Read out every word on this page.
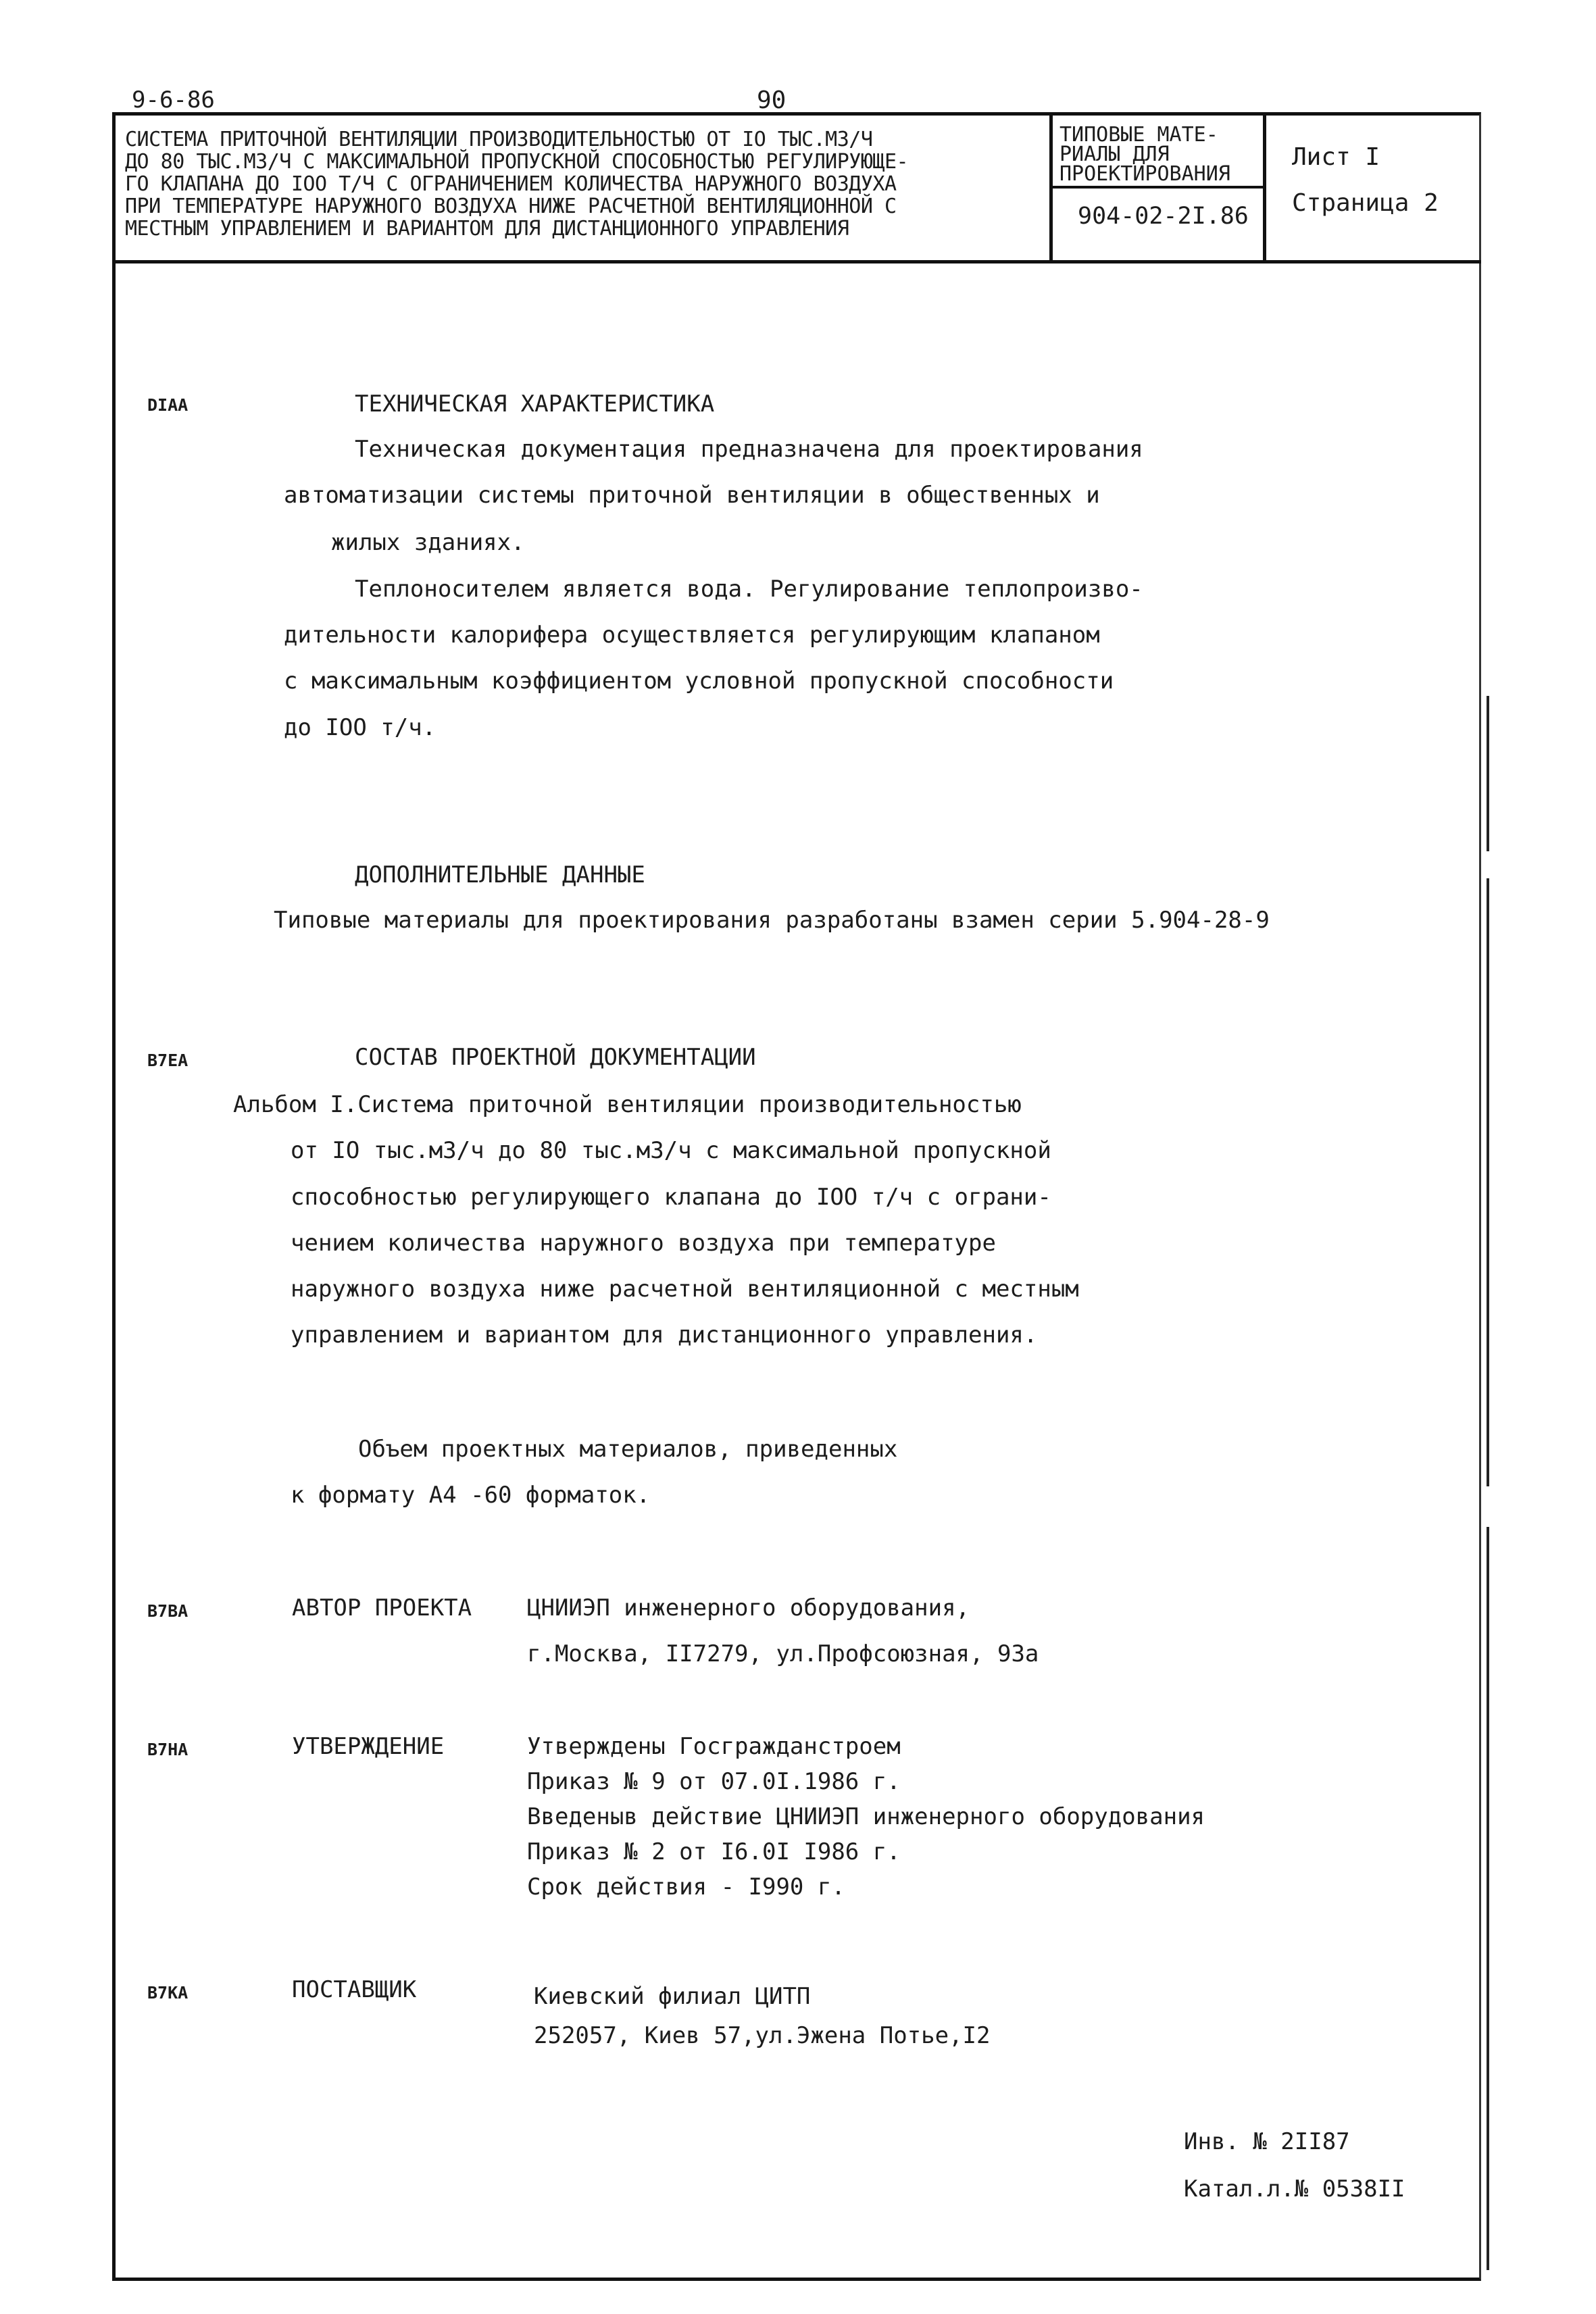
9-6-86	90
СИСТЕМА ПРИТОЧНОЙ ВЕНТИЛЯЦИИ ПРОИЗВОДИТЕЛЬНОСТЬЮ ОТ IO ТЫС.М3/Ч
ДО 80 ТЫС.М3/Ч С МАКСИМАЛЬНОЙ ПРОПУСКНОЙ СПОСОБНОСТЬЮ РЕГУЛИРУЮЩЕ-
ГО КЛАПАНА ДО IOO Т/Ч С ОГРАНИЧЕНИЕМ КОЛИЧЕСТВА НАРУЖНОГО ВОЗДУХА
ПРИ ТЕМПЕРАТУРЕ НАРУЖНОГО ВОЗДУХА НИЖЕ РАСЧЕТНОЙ ВЕНТИЛЯЦИОННОЙ С
МЕСТНЫМ УПРАВЛЕНИЕМ И ВАРИАНТОМ ДЛЯ ДИСТАНЦИОННОГО УПРАВЛЕНИЯ
ТИПОВЫЕ МАТЕ-
РИАЛЫ ДЛЯ
ПРОЕКТИРОВАНИЯ
904-02-2I.86
Лист I
Страница 2
DIAA	ТЕХНИЧЕСКАЯ ХАРАКТЕРИСТИКА
Техническая документация предназначена для проектирования
автоматизации системы приточной вентиляции в общественных и
жилых зданиях.
Теплоносителем является вода. Регулирование теплопроизво-
дительности калорифера осуществляется регулирующим клапаном
с максимальным коэффициентом условной пропускной способности
до IOO т/ч.
ДОПОЛНИТЕЛЬНЫЕ ДАННЫЕ
Типовые материалы для проектирования разработаны взамен серии 5.904-28-9
B7EA	СОСТАВ ПРОЕКТНОЙ ДОКУМЕНТАЦИИ
Альбом I.Система приточной вентиляции производительностью
от IO тыс.м3/ч до 80 тыс.м3/ч с максимальной пропускной
способностью регулирующего клапана до IOO т/ч с ограни-
чением количества наружного воздуха при температуре
наружного воздуха ниже расчетной вентиляционной с местным
управлением и вариантом для дистанционного управления.
Объем проектных материалов, приведенных
к формату А4 -60 форматок.
B7BA	АВТОР ПРОЕКТА ЦНИИЭП инженерного оборудования,
г.Москва, II7279, ул.Профсоюзная, 93а
B7HA	УТВЕРЖДЕНИЕ	Утверждены Госгражданстроем
Приказ № 9 от 07.0I.1986 г.
Введеныв действие ЦНИИЭП инженерного оборудования
Приказ № 2 от I6.0I I986 г.
Срок действия - I990 г.
B7KA	ПОСТАВЩИК	Киевский филиал ЦИТП
252057, Киев 57,ул.Эжена Потье,I2
Инв. № 2II87
Катал.л.№ 0538II
